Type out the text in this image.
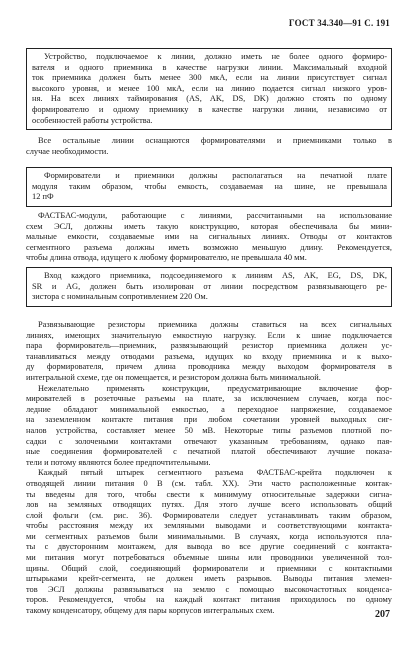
ГОСТ 34.340—91 С. 191
Устройство, подключаемое к линии, должно иметь не более одного формиро-
вателя и одного приемника в качестве нагрузки линии. Максимальный входной
ток приемника должен быть менее 300 мкА, если на линии присутствует сигнал
высокого уровня, и менее 100 мкА, если на линию подается сигнал низкого уров-
ня. На всех линиях таймирования (AS, AK, DS, DK) должно стоять по одному
формирователю и одному приемнику в качестве нагрузки линии, независимо от
особенностей работы устройства.
Все остальные линии оснащаются формирователями и приемниками только в
случае необходимости.
Формирователи и приемники должны располагаться на печатной плате
модуля таким образом, чтобы емкость, создаваемая на шине, не превышала
12 пФ
ФАСТБАС-модули, работающие с линиями, рассчитанными на использование
схем ЭСЛ, должны иметь такую конструкцию, которая обеспечивала бы мини-
мальные емкости, создаваемые ими на сигнальных линиях. Отводы от контактов
сегментного разъема должны иметь возможно меньшую длину. Рекомендуется,
чтобы длина отвода, идущего к любому формирователю, не превышала 40 мм.
Вход каждого приемника, подсоединяемого к линиям AS, AK, EG, DS, DK,
SR и AG, должен быть изолирован от линии посредством развязывающего ре-
зистора с номинальным сопротивлением 220 Ом.
Развязывающие резисторы приемника должны ставиться на всех сигнальных
линиях, имеющих значительную емкостную нагрузку. Если к шине подключается
пара формирователь—приемник, развязывающий резистор приемника должен ус-
танавливаться между отводами разъема, идущих ко входу приемника и к выхо-
ду формирователя, причем длина проводника между выходом формирователя в
интегральной схеме, где он помещается, и резистором должна быть минимальной.
Нежелательно применять конструкции, предусматривающие включение фор-
мирователей в розеточные разъемы на плате, за исключением случаев, когда пос-
ледние обладают минимальной емкостью, а переходное напряжение, создаваемое
на заземленном контакте питания при любом сочетании уровней выходных сиг-
налов устройства, составляет менее 50 мВ. Некоторые типы разъемов плотной по-
садки с золочеными контактами отвечают указанным требованиям, однако пая-
ные соединения формирователей с печатной платой обеспечивают лучшие показа-
тели и потому являются более предпочтительными.
Каждый пятый штырек сегментного разъема ФАСТБАС-крейта подключен к
отводящей линии питания 0 В (см. табл. XX). Эти часто расположенные контак-
ты введены для того, чтобы свести к минимуму относительные задержки сигна-
лов на земляных отводящих путях. Для этого лучше всего использовать общий
слой фольги (см. рис. 36). Формирователи следует устанавливать таким образом,
чтобы расстояния между их земляными выводами и соответствующими контакта-
ми сегментных разъемов были минимальными. В случаях, когда используются пла-
ты с двусторонним монтажем, для вывода во все другие соединений с контакта-
ми питания могут потребоваться объемные шины или проводники увеличенной тол-
щины. Общий слой, соединяющий формирователи и приемники с контактными
штырьками крейт-сегмента, не должен иметь разрывов. Выводы питания элемен-
тов ЭСЛ должны развязываться на землю с помощью высокочастотных конденса-
торов. Рекомендуется, чтобы на каждый контакт питания приходилось по одному
такому конденсатору, общему для пары корпусов интегральных схем.	207
